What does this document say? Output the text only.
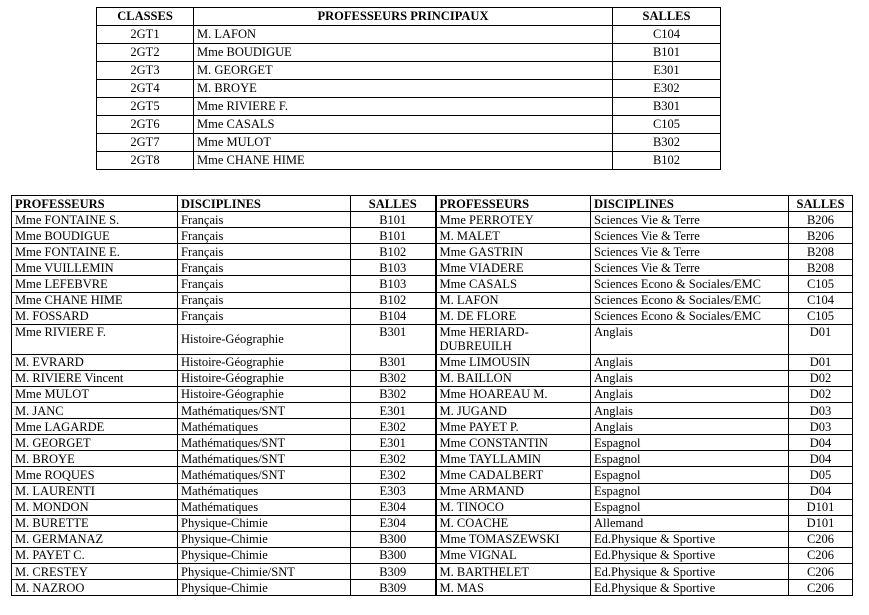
CLASSES	PROFESSEURS PRINCIPAUX	SALLES
2GT1	M. LAFON	C104
2GT2	Mme BOUDIGUE	B101
2GT3	M. GEORGET	E301
2GT4	M. BROYE	E302
2GT5	Mme RIVIERE F.	B301
2GT6	Mme CASALS	C105
2GT7	Mme MULOT	B302
2GT8	Mme CHANE HIME	B102
PROFESSEURS	DISCIPLINES	SALLES	PROFESSEURS	DISCIPLINES	SALLES
Mme FONTAINE S.	Français	B101	Mme PERROTEY	Sciences Vie & Terre	B206
Mme BOUDIGUE	Français	B101	M. MALET	Sciences Vie & Terre	B206
Mme FONTAINE E.	Français	B102	Mme GASTRIN	Sciences Vie & Terre	B208
Mme VUILLEMIN	Français	B103	Mme VIADERE	Sciences Vie & Terre	B208
Mme LEFEBVRE	Français	B103	Mme CASALS	Sciences Econo & Sociales/EMC	C105
Mme CHANE HIME	Français	B102	M. LAFON	Sciences Econo & Sociales/EMC	C104
M. FOSSARD	Français	B104	M. DE FLORE	Sciences Econo & Sociales/EMC	C105
Mme RIVIERE F.	Histoire-Géographie	B301	Mme HERIARD-
DUBREUILH	Anglais	D01
M. EVRARD	Histoire-Géographie	B301	Mme LIMOUSIN	Anglais	D01
M. RIVIERE Vincent	Histoire-Géographie	B302	M. BAILLON	Anglais	D02
Mme MULOT	Histoire-Géographie	B302	Mme HOAREAU M.	Anglais	D02
M. JANC	Mathématiques/SNT	E301	M. JUGAND	Anglais	D03
Mme LAGARDE	Mathématiques	E302	Mme PAYET P.	Anglais	D03
M. GEORGET	Mathématiques/SNT	E301	Mme CONSTANTIN	Espagnol	D04
M. BROYE	Mathématiques/SNT	E302	Mme TAYLLAMIN	Espagnol	D04
Mme ROQUES	Mathématiques/SNT	E302	Mme CADALBERT	Espagnol	D05
M. LAURENTI	Mathématiques	E303	Mme ARMAND	Espagnol	D04
M. MONDON	Mathématiques	E304	M. TINOCO	Espagnol	D101
M. BURETTE	Physique-Chimie	E304	M. COACHE	Allemand	D101
M. GERMANAZ	Physique-Chimie	B300	Mme TOMASZEWSKI	Ed.Physique & Sportive	C206
M. PAYET C.	Physique-Chimie	B300	Mme VIGNAL	Ed.Physique & Sportive	C206
M. CRESTEY	Physique-Chimie/SNT	B309	M. BARTHELET	Ed.Physique & Sportive	C206
M. NAZROO	Physique-Chimie	B309	M. MAS	Ed.Physique & Sportive	C206
